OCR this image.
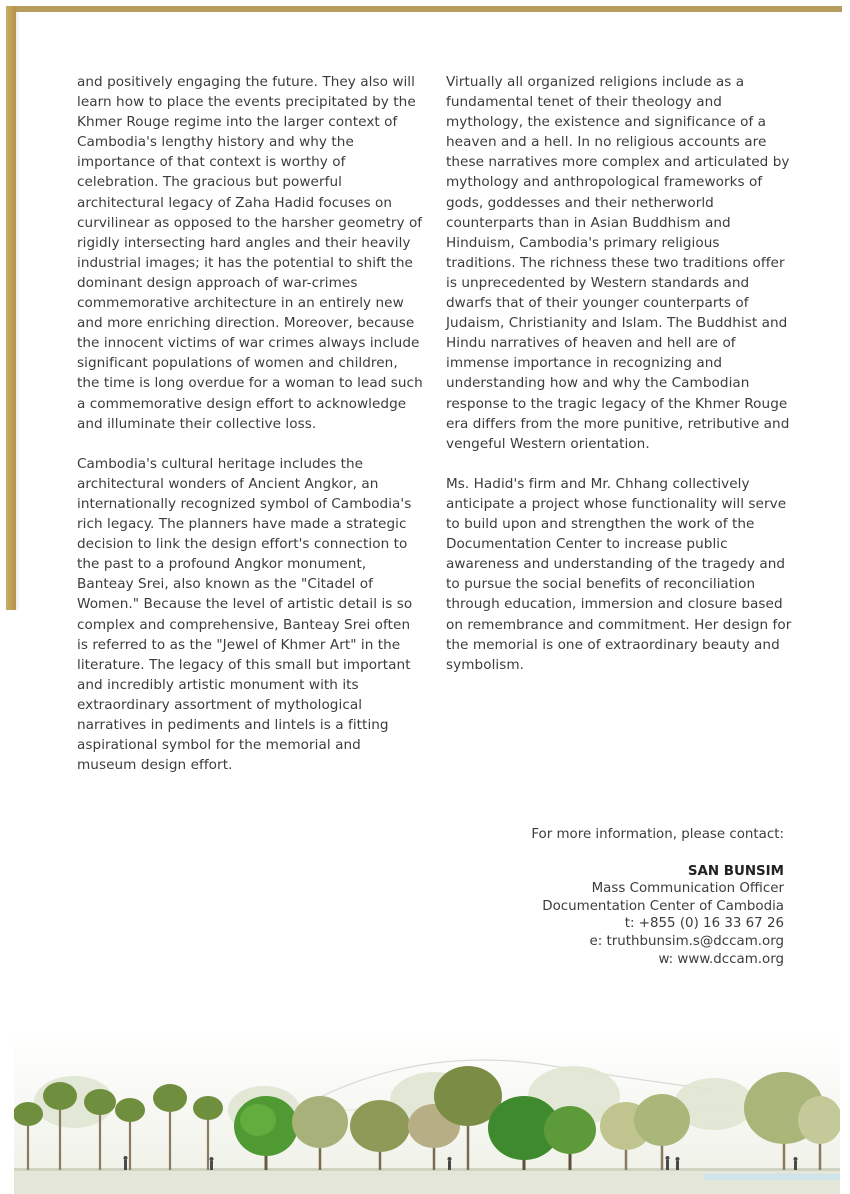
and positively engaging the future. They also will learn how to place the events precipitated by the Khmer Rouge regime into the larger context of Cambodia's lengthy history and why the importance of that context is worthy of celebration. The gracious but powerful architectural legacy of Zaha Hadid focuses on curvilinear as opposed to the harsher geometry of rigidly intersecting hard angles and their heavily industrial images; it has the potential to shift the dominant design approach of war-crimes commemorative architecture in an entirely new and more enriching direction. Moreover, because the innocent victims of war crimes always include significant populations of women and children, the time is long overdue for a woman to lead such a commemorative design effort to acknowledge and illuminate their collective loss.

Cambodia's cultural heritage includes the architectural wonders of Ancient Angkor, an internationally recognized symbol of Cambodia's rich legacy. The planners have made a strategic decision to link the design effort's connection to the past to a profound Angkor monument, Banteay Srei, also known as the "Citadel of Women." Because the level of artistic detail is so complex and comprehensive, Banteay Srei often is referred to as the "Jewel of Khmer Art" in the literature. The legacy of this small but important and incredibly artistic monument with its extraordinary assortment of mythological narratives in pediments and lintels is a fitting aspirational symbol for the memorial and museum design effort.

Virtually all organized religions include as a fundamental tenet of their theology and mythology, the existence and significance of a heaven and a hell. In no religious accounts are these narratives more complex and articulated by mythology and anthropological frameworks of gods, goddesses and their netherworld counterparts than in Asian Buddhism and Hinduism, Cambodia's primary religious traditions. The richness these two traditions offer is unprecedented by Western standards and dwarfs that of their younger counterparts of Judaism, Christianity and Islam. The Buddhist and Hindu narratives of heaven and hell are of immense importance in recognizing and understanding how and why the Cambodian response to the tragic legacy of the Khmer Rouge era differs from the more punitive, retributive and vengeful Western orientation.

Ms. Hadid's firm and Mr. Chhang collectively anticipate a project whose functionality will serve to build upon and strengthen the work of the Documentation Center to increase public awareness and understanding of the tragedy and to pursue the social benefits of reconciliation through education, immersion and closure based on remembrance and commitment. Her design for the memorial is one of extraordinary beauty and symbolism.

For more information, please contact:
SAN BUNSIM
Mass Communication Officer
Documentation Center of Cambodia
t: +855 (0) 16 33 67 26
e: truthbunsim.s@dccam.org
w: www.dccam.org
